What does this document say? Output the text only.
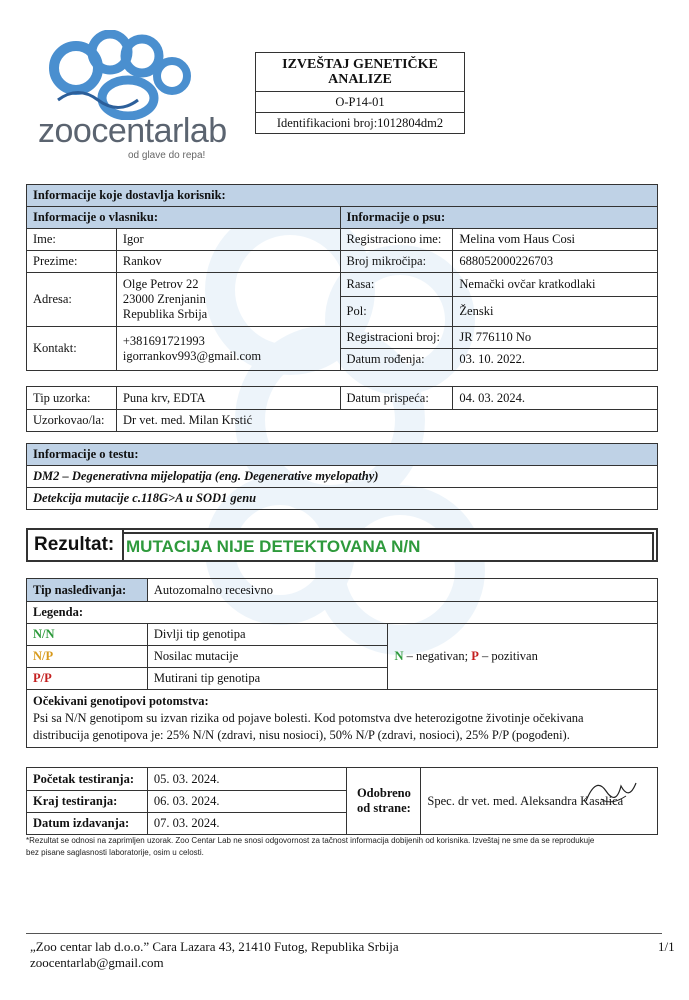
zoocentarlab
od glave do repa!
IZVEŠTAJ GENETIČKE ANALIZE
O-P14-01
Identifikacioni broj:1012804dm2
Informacije koje dostavlja korisnik:			
Informacije o vlasniku:		Informacije o psu:	
Ime:	Igor	Registraciono ime:	Melina vom Haus Cosi
Prezime:	Rankov	Broj mikročipa:	688052000226703
Adresa:	Olge Petrov 22
23000 Zrenjanin
Republika Srbija	Rasa:	Nemački ovčar kratkodlaki
		Pol:	Ženski
Kontakt:	+381691721993
igorrankov993@gmail.com	Registracioni broj:	JR 776110 No
		Datum rođenja:	03. 10. 2022.
Tip uzorka:	Puna krv, EDTA	Datum prispeća:	04. 03. 2024.
Uzorkovao/la:	Dr vet. med. Milan Krstić		
Informacije o testu:
DM2 – Degenerativna mijelopatija (eng. Degenerative myelopathy)
Detekcija mutacije c.118G>A u SOD1 genu
Rezultat: MUTACIJA NIJE DETEKTOVANA N/N
Tip nasleđivanja:	Autozomalno recesivno	
Legenda:		
N/N	Divlji tip genotipa	N – negativan; P – pozitivan
N/P	Nosilac mutacije	
P/P	Mutirani tip genotipa	

Očekivani genotipovi potomstva:
Psi sa N/N genotipom su izvan rizika od pojave bolesti. Kod potomstva dve heterozigotne životinje očekivana
distribucija genotipova je: 25% N/N (zdravi, nisu nosioci), 50% N/P (zdravi, nosioci), 25% P/P (pogođeni).		
Početak testiranja:	05. 03. 2024.	Odobreno
od strane:	Spec. dr vet. med. Aleksandra Kasalica

Kraj testiranja:	06. 03. 2024.		
Datum izdavanja:	07. 03. 2024.		
*Rezultat se odnosi na zaprimljen uzorak. Zoo Centar Lab ne snosi odgovornost za tačnost informacija dobijenih od korisnika. Izveštaj ne sme da se reprodukuje
bez pisane saglasnosti laboratorije, osim u celosti.
„Zoo centar lab d.o.o.” Cara Lazara 43, 21410 Futog, Republika Srbija
zoocentarlab@gmail.com
1/1
